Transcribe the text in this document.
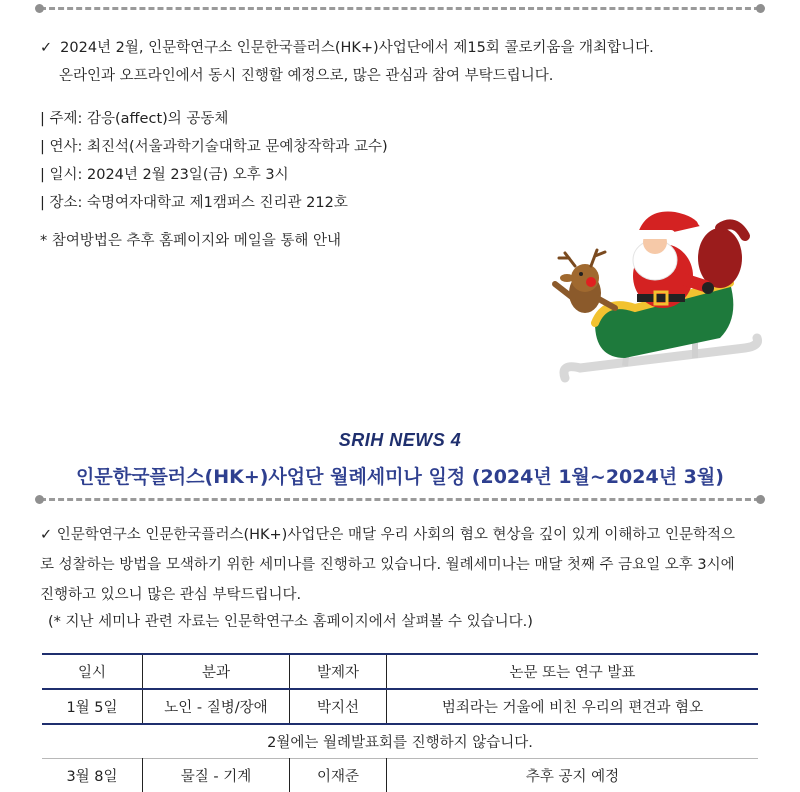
✓ 2024년 2월, 인문학연구소 인문한국플러스(HK+)사업단에서 제15회 콜로키움을 개최합니다.
온라인과 오프라인에서 동시 진행할 예정으로, 많은 관심과 참여 부탁드립니다.
| 주제: 감응(affect)의 공동체
| 연사: 최진석(서울과학기술대학교 문예창작학과 교수)
| 일시: 2024년 2월 23일(금) 오후 3시
| 장소: 숙명여자대학교 제1캠퍼스 진리관 212호
* 참여방법은 추후 홈페이지와 메일을 통해 안내
SRIH NEWS 4
인문한국플러스(HK+)사업단 월례세미나 일정 (2024년 1월~2024년 3월)
✓ 인문학연구소 인문한국플러스(HK+)사업단은 매달 우리 사회의 혐오 현상을 깊이 있게 이해하고 인문학적으
로 성찰하는 방법을 모색하기 위한 세미나를 진행하고 있습니다. 월례세미나는 매달 첫째 주 금요일 오후 3시에
진행하고 있으니 많은 관심 부탁드립니다.
(* 지난 세미나 관련 자료는 인문학연구소 홈페이지에서 살펴볼 수 있습니다.)
일시	분과	발제자	논문 또는 연구 발표
1월 5일	노인 - 질병/장애	박지선	범죄라는 거울에 비친 우리의 편견과 혐오
2월에는 월례발표회를 진행하지 않습니다.			
3월 8일	물질 - 기계	이재준	추후 공지 예정
